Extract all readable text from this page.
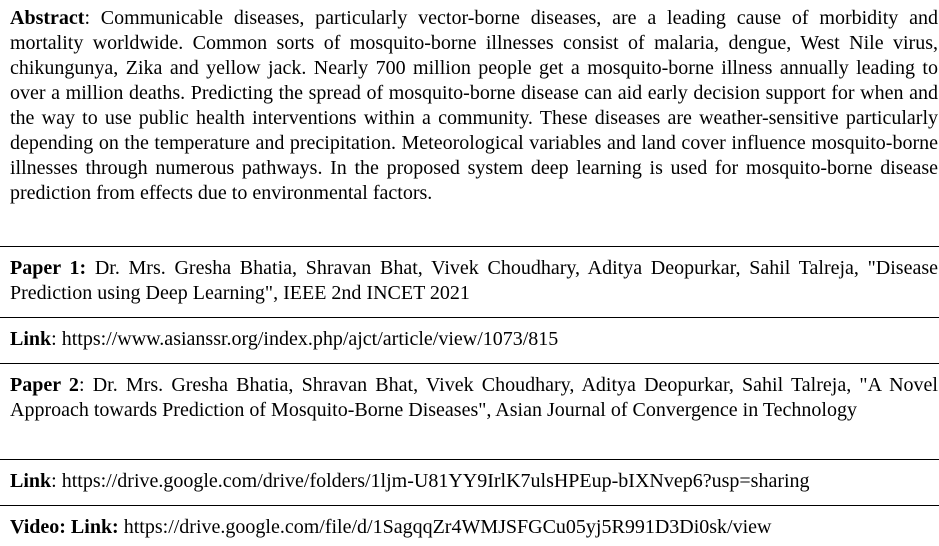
Abstract: Communicable diseases, particularly vector-borne diseases, are a leading cause of morbidity and mortality worldwide. Common sorts of mosquito-borne illnesses consist of malaria, dengue, West Nile virus, chikungunya, Zika and yellow jack. Nearly 700 million people get a mosquito-borne illness annually leading to over a million deaths. Predicting the spread of mosquito-borne disease can aid early decision support for when and the way to use public health interventions within a community. These diseases are weather-sensitive particularly depending on the temperature and precipitation. Meteorological variables and land cover influence mosquito-borne illnesses through numerous pathways. In the proposed system deep learning is used for mosquito-borne disease prediction from effects due to environmental factors.
Paper 1: Dr. Mrs. Gresha Bhatia, Shravan Bhat, Vivek Choudhary, Aditya Deopurkar, Sahil Talreja, "Disease Prediction using Deep Learning", IEEE 2nd INCET 2021
Link: https://www.asianssr.org/index.php/ajct/article/view/1073/815
Paper 2: Dr. Mrs. Gresha Bhatia, Shravan Bhat, Vivek Choudhary, Aditya Deopurkar, Sahil Talreja, "A Novel Approach towards Prediction of Mosquito-Borne Diseases", Asian Journal of Convergence in Technology
Link: https://drive.google.com/drive/folders/1ljm-U81YY9IrlK7ulsHPEup-bIXNvep6?usp=sharing
Video: Link: https://drive.google.com/file/d/1SagqqZr4WMJSFGCu05yj5R991D3Di0sk/view
